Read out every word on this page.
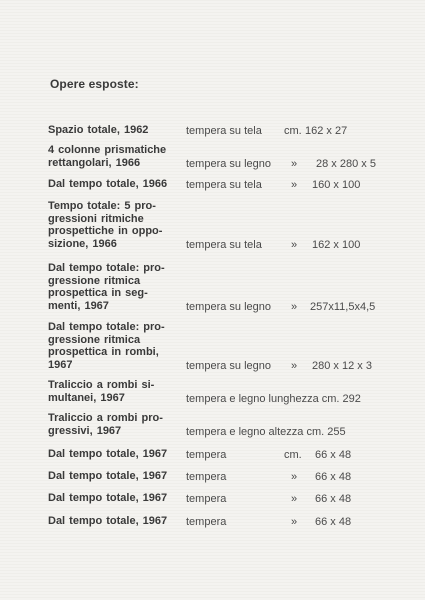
Opere esposte:
Spazio totale, 1962	tempera su tela cm. 162 x 27
4 colonne prismatiche
rettangolari, 1966	tempera su legno » 28 x 280 x 5
Dal tempo totale, 1966	tempera su tela	» 160 x 100
Tempo totale: 5 pro-
gressioni ritmiche
prospettiche in oppo-
sizione, 1966	tempera su tela	» 162 x 100
Dal tempo totale: pro-
gressione ritmica
prospettica in seg-
menti, 1967	tempera su legno » 257x11,5x4,5
Dal tempo totale: pro-
gressione ritmica
prospettica in rombi,
1967	tempera su legno » 280 x 12 x 3
Traliccio a rombi si-
multanei, 1967	tempera e legno lunghezza cm. 292
Traliccio a rombi pro-
gressivi, 1967	tempera e legno altezza cm. 255
Dal tempo totale, 1967	tempera	cm. 66 x 48
Dal tempo totale, 1967	tempera	» 66 x 48
Dal tempo totale, 1967	tempera	» 66 x 48
Dal tempo totale, 1967	tempera	» 66 x 48
